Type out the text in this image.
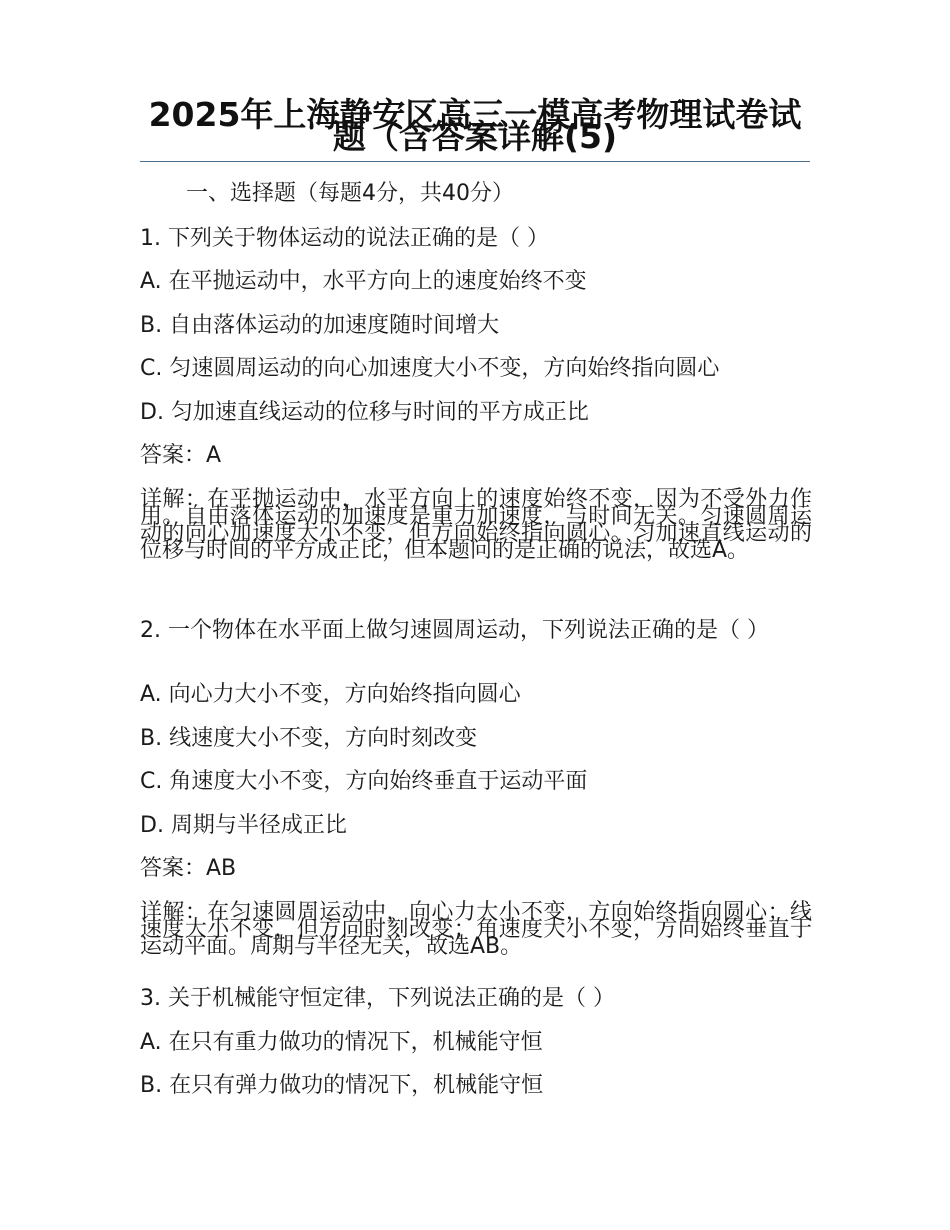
2025年上海静安区高三一模高考物理试卷试题（含答案详解(5)
一、选择题（每题4分，共40分）
1. 下列关于物体运动的说法正确的是（ ）
A. 在平抛运动中，水平方向上的速度始终不变
B. 自由落体运动的加速度随时间增大
C. 匀速圆周运动的向心加速度大小不变，方向始终指向圆心
D. 匀加速直线运动的位移与时间的平方成正比
答案：A
详解：在平抛运动中，水平方向上的速度始终不变，因为不受外力作用。自由落体运动的加速度是重力加速度，与时间无关。匀速圆周运动的向心加速度大小不变，但方向始终指向圆心。匀加速直线运动的位移与时间的平方成正比，但本题问的是正确的说法，故选A。
2. 一个物体在水平面上做匀速圆周运动，下列说法正确的是（ ）
A. 向心力大小不变，方向始终指向圆心
B. 线速度大小不变，方向时刻改变
C. 角速度大小不变，方向始终垂直于运动平面
D. 周期与半径成正比
答案：AB
详解：在匀速圆周运动中，向心力大小不变，方向始终指向圆心；线速度大小不变，但方向时刻改变；角速度大小不变，方向始终垂直于运动平面。周期与半径无关，故选AB。
3. 关于机械能守恒定律，下列说法正确的是（ ）
A. 在只有重力做功的情况下，机械能守恒
B. 在只有弹力做功的情况下，机械能守恒
